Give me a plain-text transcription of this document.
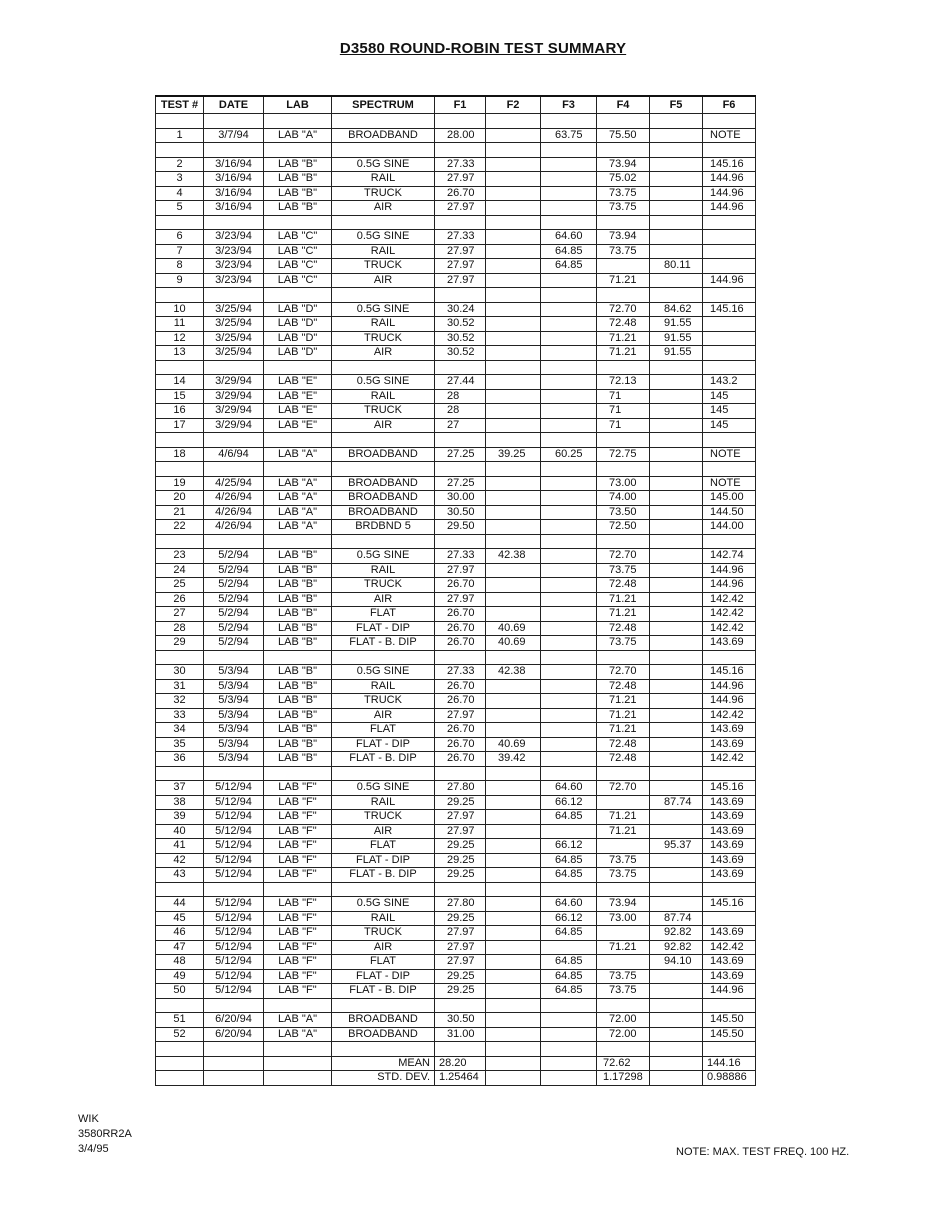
D3580 ROUND-ROBIN TEST SUMMARY
TEST #	DATE	LAB	SPECTRUM	F1	F2	F3	F4	F5	F6

1	3/7/94	LAB "A"	BROADBAND	28.00		63.75	75.50		NOTE

2	3/16/94	LAB "B"	0.5G SINE	27.33			73.94		145.16
3	3/16/94	LAB "B"	RAIL	27.97			75.02		144.96
4	3/16/94	LAB "B"	TRUCK	26.70			73.75		144.96
5	3/16/94	LAB "B"	AIR	27.97			73.75		144.96

6	3/23/94	LAB "C"	0.5G SINE	27.33		64.60	73.94		
7	3/23/94	LAB "C"	RAIL	27.97		64.85	73.75		
8	3/23/94	LAB "C"	TRUCK	27.97		64.85		80.11	
9	3/23/94	LAB "C"	AIR	27.97			71.21		144.96

10	3/25/94	LAB "D"	0.5G SINE	30.24			72.70	84.62	145.16
11	3/25/94	LAB "D"	RAIL	30.52			72.48	91.55	
12	3/25/94	LAB "D"	TRUCK	30.52			71.21	91.55	
13	3/25/94	LAB "D"	AIR	30.52			71.21	91.55	

14	3/29/94	LAB "E"	0.5G SINE	27.44			72.13		143.2
15	3/29/94	LAB "E"	RAIL	28			71		145
16	3/29/94	LAB "E"	TRUCK	28			71		145
17	3/29/94	LAB "E"	AIR	27			71		145

18	4/6/94	LAB "A"	BROADBAND	27.25	39.25	60.25	72.75		NOTE

19	4/25/94	LAB "A"	BROADBAND	27.25			73.00		NOTE
20	4/26/94	LAB "A"	BROADBAND	30.00			74.00		145.00
21	4/26/94	LAB "A"	BROADBAND	30.50			73.50		144.50
22	4/26/94	LAB "A"	BRDBND 5	29.50			72.50		144.00

23	5/2/94	LAB "B"	0.5G SINE	27.33	42.38		72.70		142.74
24	5/2/94	LAB "B"	RAIL	27.97			73.75		144.96
25	5/2/94	LAB "B"	TRUCK	26.70			72.48		144.96
26	5/2/94	LAB "B"	AIR	27.97			71.21		142.42
27	5/2/94	LAB "B"	FLAT	26.70			71.21		142.42
28	5/2/94	LAB "B"	FLAT - DIP	26.70	40.69		72.48		142.42
29	5/2/94	LAB "B"	FLAT - B. DIP	26.70	40.69		73.75		143.69

30	5/3/94	LAB "B"	0.5G SINE	27.33	42.38		72.70		145.16
31	5/3/94	LAB "B"	RAIL	26.70			72.48		144.96
32	5/3/94	LAB "B"	TRUCK	26.70			71.21		144.96
33	5/3/94	LAB "B"	AIR	27.97			71.21		142.42
34	5/3/94	LAB "B"	FLAT	26.70			71.21		143.69
35	5/3/94	LAB "B"	FLAT - DIP	26.70	40.69		72.48		143.69
36	5/3/94	LAB "B"	FLAT - B. DIP	26.70	39.42		72.48		142.42

37	5/12/94	LAB "F"	0.5G SINE	27.80		64.60	72.70		145.16
38	5/12/94	LAB "F"	RAIL	29.25		66.12		87.74	143.69
39	5/12/94	LAB "F"	TRUCK	27.97		64.85	71.21		143.69
40	5/12/94	LAB "F"	AIR	27.97			71.21		143.69
41	5/12/94	LAB "F"	FLAT	29.25		66.12		95.37	143.69
42	5/12/94	LAB "F"	FLAT - DIP	29.25		64.85	73.75		143.69
43	5/12/94	LAB "F"	FLAT - B. DIP	29.25		64.85	73.75		143.69

44	5/12/94	LAB "F"	0.5G SINE	27.80		64.60	73.94		145.16
45	5/12/94	LAB "F"	RAIL	29.25		66.12	73.00	87.74	
46	5/12/94	LAB "F"	TRUCK	27.97		64.85		92.82	143.69
47	5/12/94	LAB "F"	AIR	27.97			71.21	92.82	142.42
48	5/12/94	LAB "F"	FLAT	27.97		64.85		94.10	143.69
49	5/12/94	LAB "F"	FLAT - DIP	29.25		64.85	73.75		143.69
50	5/12/94	LAB "F"	FLAT - B. DIP	29.25		64.85	73.75		144.96

51	6/20/94	LAB "A"	BROADBAND	30.50			72.00		145.50
52	6/20/94	LAB "A"	BROADBAND	31.00			72.00		145.50

			MEAN	28.20			72.62		144.16
			STD. DEV.	1.25464			1.17298		0.98886
WIK
3580RR2A
3/4/95	NOTE: MAX. TEST FREQ. 100 HZ.
